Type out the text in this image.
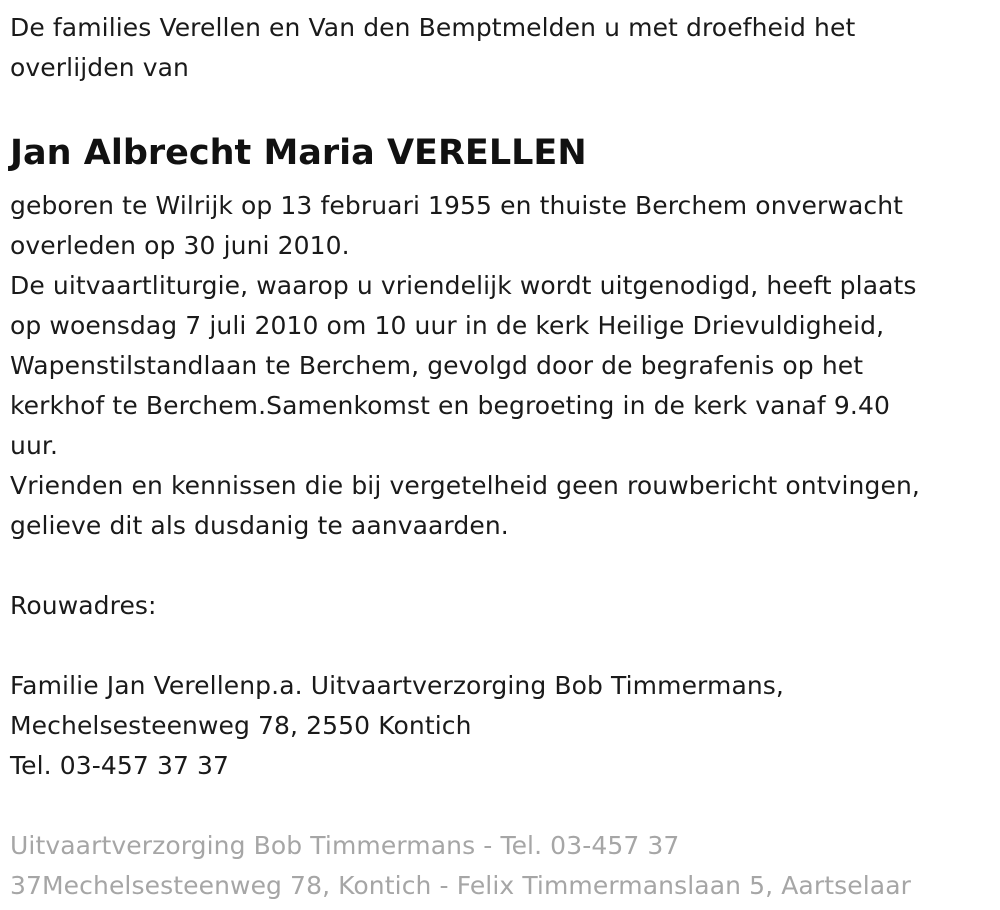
De families Verellen en Van den Bemptmelden u met droefheid het
overlijden van
Jan Albrecht Maria VERELLEN
geboren te Wilrijk op 13 februari 1955 en thuiste Berchem onverwacht
overleden op 30 juni 2010.
De uitvaartliturgie, waarop u vriendelijk wordt uitgenodigd, heeft plaats
op woensdag 7 juli 2010 om 10 uur in de kerk Heilige Drievuldigheid,
Wapenstilstandlaan te Berchem, gevolgd door de begrafenis op het
kerkhof te Berchem.Samenkomst en begroeting in de kerk vanaf 9.40
uur.
Vrienden en kennissen die bij vergetelheid geen rouwbericht ontvingen,
gelieve dit als dusdanig te aanvaarden.
Rouwadres:
Familie Jan Verellenp.a. Uitvaartverzorging Bob Timmermans,
Mechelsesteenweg 78, 2550 Kontich
Tel. 03-457 37 37
Uitvaartverzorging Bob Timmermans - Tel. 03-457 37
37Mechelsesteenweg 78, Kontich - Felix Timmermanslaan 5, Aartselaar
